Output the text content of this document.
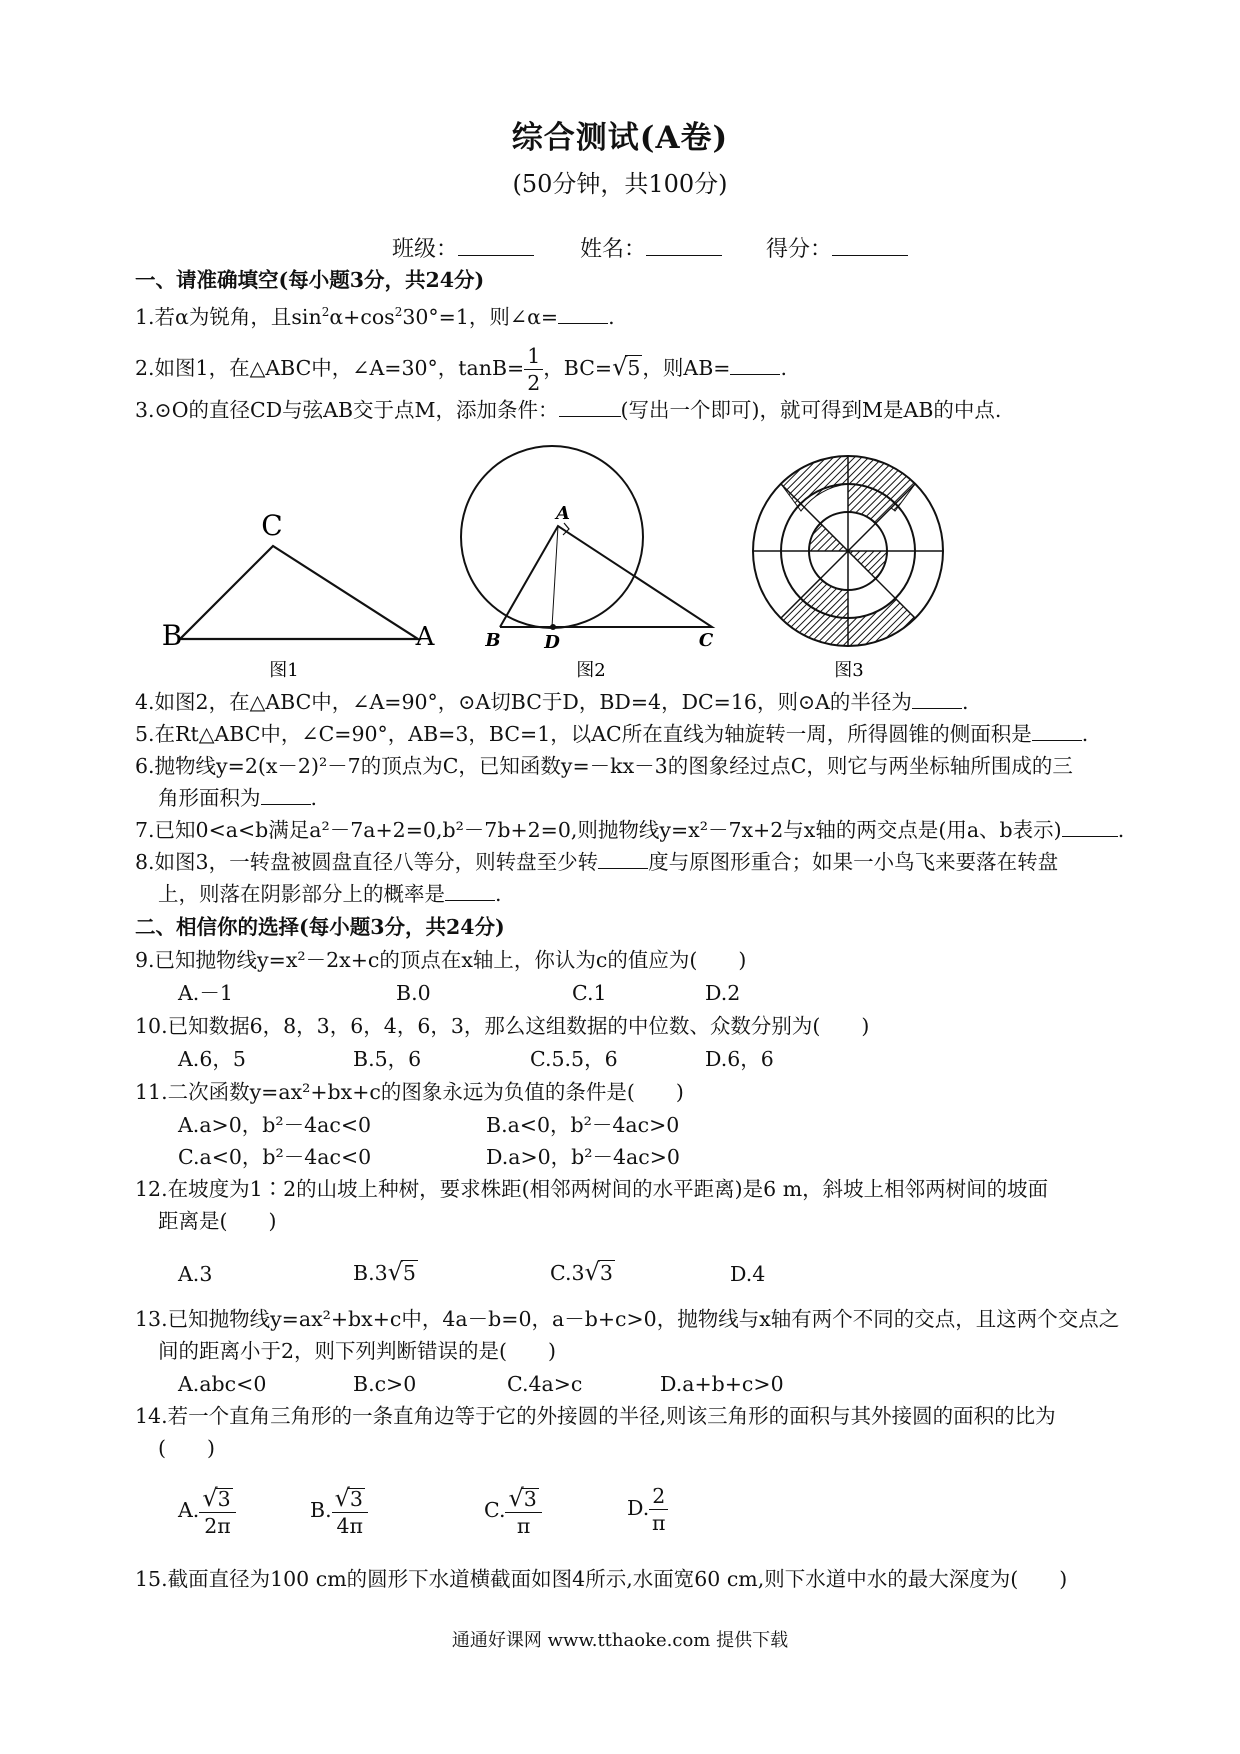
综合测试(A卷)
(50分钟，共100分)
班级：	姓名：	得分：
一、请准确填空(每小题3分，共24分)
1.若α为锐角，且$\sin^2\alpha+\cos^230^\circ=1$，则∠α= .
2.如图1，在△ABC中，∠A=30°，$\tan B= \frac{1}{2}$ ，BC=√5，则AB= .
3.⊙O的直径CD与弦AB交于点M，添加条件：	(写出一个即可)，就可得到M是AB的中点.
C
B	A
图1
A
B D	C
图2	图3
4.如图2，在△ABC中，∠A=90°，⊙A切BC于D，BD=4，DC=16，则⊙A的半径为 .
5.在Rt△ABC中，∠C=90°，AB=3，BC=1，以AC所在直线为轴旋转一周，所得圆锥的侧面积是 .
6.抛物线y=2(x－2)²－7的顶点为C，已知函数y=－kx－3的图象经过点C，则它与两坐标轴所围成的三
角形面积为 .
7.已知0<a<b满足a²－7a+2=0,b²－7b+2=0,则抛物线y=x²－7x+2与x轴的两交点是(用a、b表示)	.
8.如图3，一转盘被圆盘直径八等分，则转盘至少转 度与原图形重合；如果一小鸟飞来要落在转盘
上，则落在阴影部分上的概率是 .
二、相信你的选择(每小题3分，共24分)
9.已知抛物线y=x²－2x+c的顶点在x轴上，你认为c的值应为(　　)
A.－1	B.0	C.1	D.2
10.已知数据6，8，3，6，4，6，3，那么这组数据的中位数、众数分别为(　　)
A.6，5	B.5，6	C.5.5，6	D.6，6
11.二次函数y=ax²+bx+c的图象永远为负值的条件是(　　)
A.a>0，b²－4ac<0	B.a<0，b²－4ac>0
C.a<0，b²－4ac<0	D.a>0，b²－4ac>0
12.在坡度为1∶2的山坡上种树，要求株距(相邻两树间的水平距离)是6 m，斜坡上相邻两树间的坡面
距离是(　　)
A.3	B.3√5	C.3√3	D.4
13.已知抛物线y=ax²+bx+c中，4a－b=0，a－b+c>0，抛物线与x轴有两个不同的交点，且这两个交点之
间的距离小于2，则下列判断错误的是(　　)
A.abc<0	B.c>0	C.4a>c	D.a+b+c>0
14.若一个直角三角形的一条直角边等于它的外接圆的半径,则该三角形的面积与其外接圆的面积的比为
(　　)
A. $\frac{√3}{2\pi}$	B. $\frac{√3}{4\pi}$	C. $\frac{√3}{\pi}$	D. $\frac{2}{\pi}$
15.截面直径为100 cm的圆形下水道横截面如图4所示,水面宽60 cm,则下水道中水的最大深度为(　　)
通通好课网 www.tthaoke.com 提供下载
